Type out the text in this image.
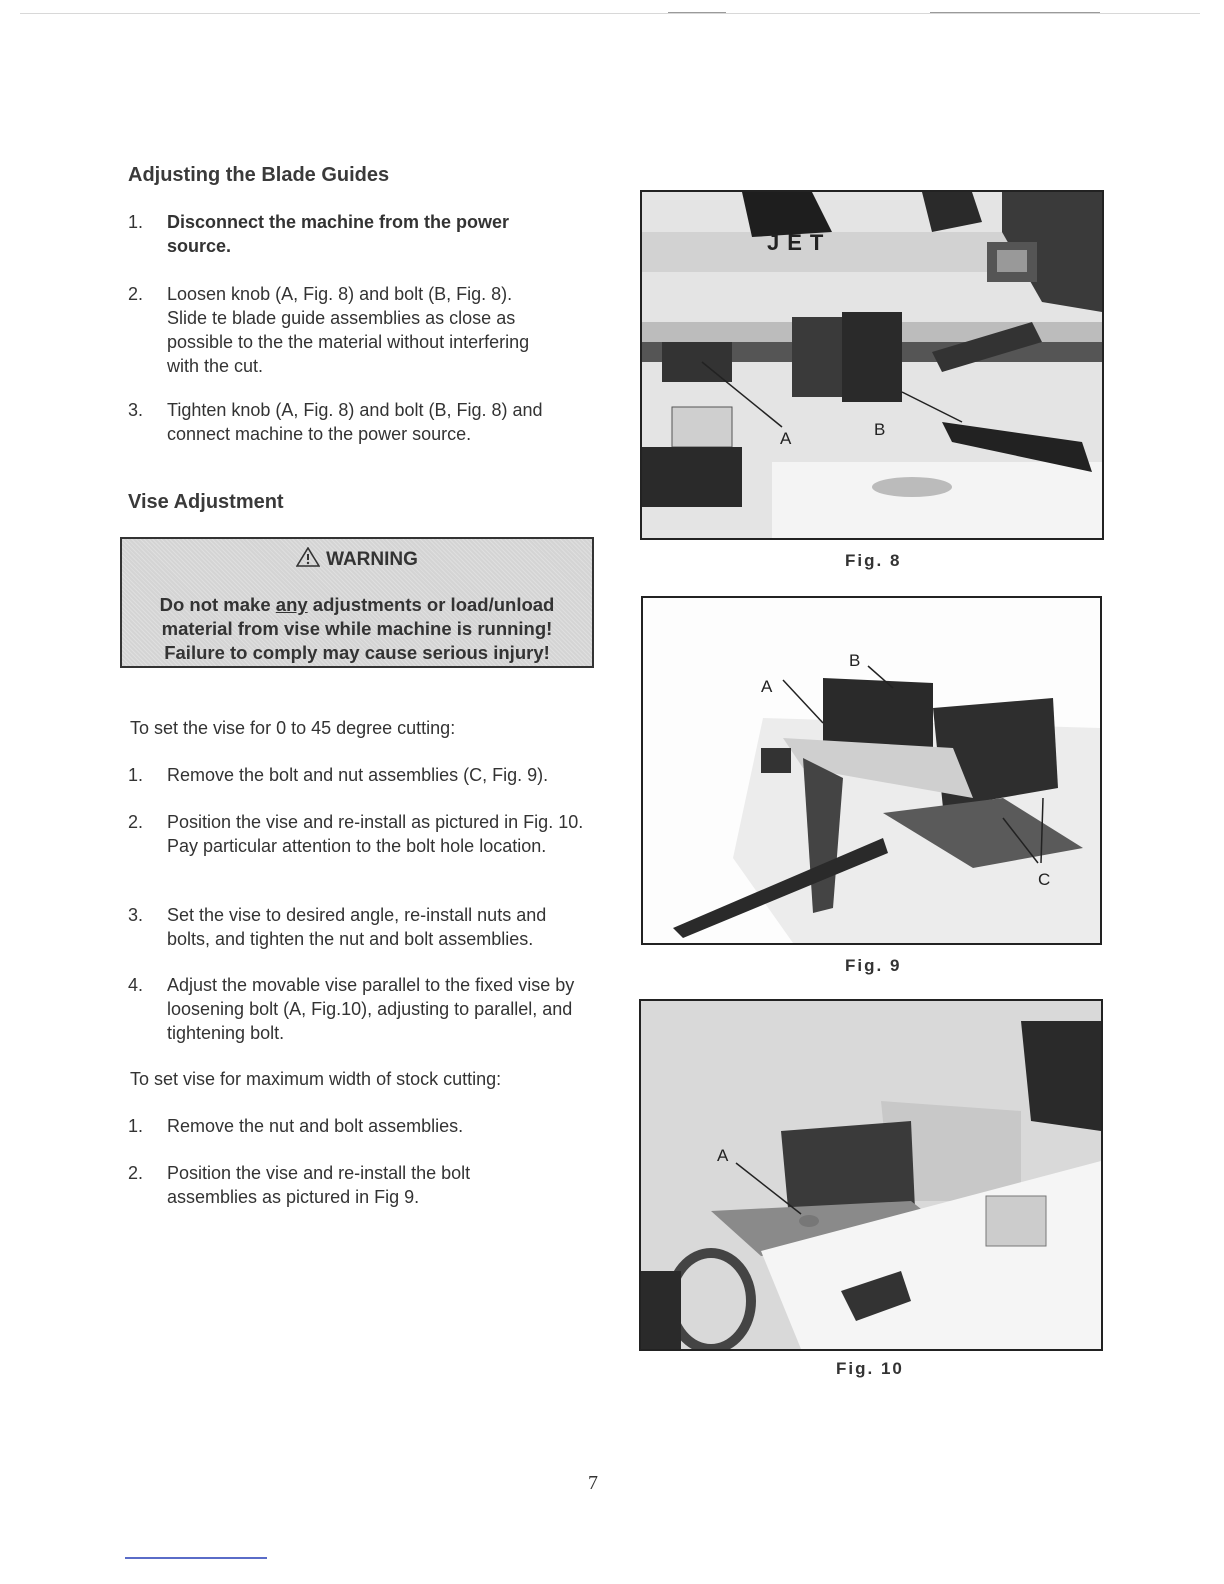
Adjusting the Blade Guides
1. Disconnect the machine from the power
source.
2. Loosen knob (A, Fig. 8) and bolt (B, Fig. 8). Slide te blade guide assemblies as close as possible to the the material without interfering with the cut.
3. Tighten knob (A, Fig. 8) and bolt (B, Fig. 8) and connect machine to the power source.
Vise Adjustment
WARNING
Do not make any adjustments or load/unload material from vise while machine is running! Failure to comply may cause serious injury!
To set the vise for 0 to 45 degree cutting:
1. Remove the bolt and nut assemblies (C, Fig. 9).
2. Position the vise and re-install as pictured in Fig. 10. Pay particular attention to the bolt hole location.
3. Set the vise to desired angle, re-install nuts and bolts, and tighten the nut and bolt assemblies.
4. Adjust the movable vise parallel to the fixed vise by loosening bolt (A, Fig.10), adjusting to parallel, and tightening bolt.
To set vise for maximum width of stock cutting:
1. Remove the nut and bolt assemblies.
2. Position the vise and re-install the bolt assemblies as pictured in Fig 9.
JET
A	B
Fig. 8
A
B
C
Fig. 9
A
Fig. 10
7
